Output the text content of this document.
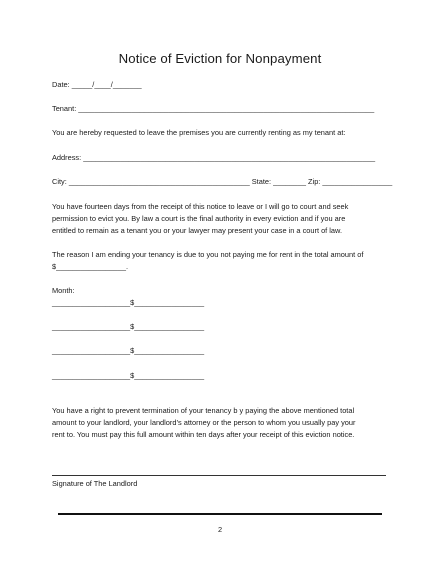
Notice of Eviction for Nonpayment
Date: _____/____/_______
Tenant: ________________________________________________________________________
You are hereby requested to leave the premises you are currently renting as my tenant at:
Address: _______________________________________________________________________
City: ____________________________________________ State: ________ Zip: _________________
You have fourteen days from the receipt of this notice to leave or I will go to court and seek
permission to evict you. By law a court is the final authority in every eviction and if you are
entitled to remain as a tenant you or your lawyer may present your case in a court of law.
The reason I am ending your tenancy is due to you not paying me for rent in the total amount of
$_________________.
Month:
___________________$_________________
___________________$_________________
___________________$_________________
___________________$_________________
You have a right to prevent termination of your tenancy b y paying the above mentioned total
amount to your landlord, your landlord’s attorney or the person to whom you usually pay your
rent to. You must pay this full amount within ten days after your receipt of this eviction notice.
Signature of The Landlord
2
